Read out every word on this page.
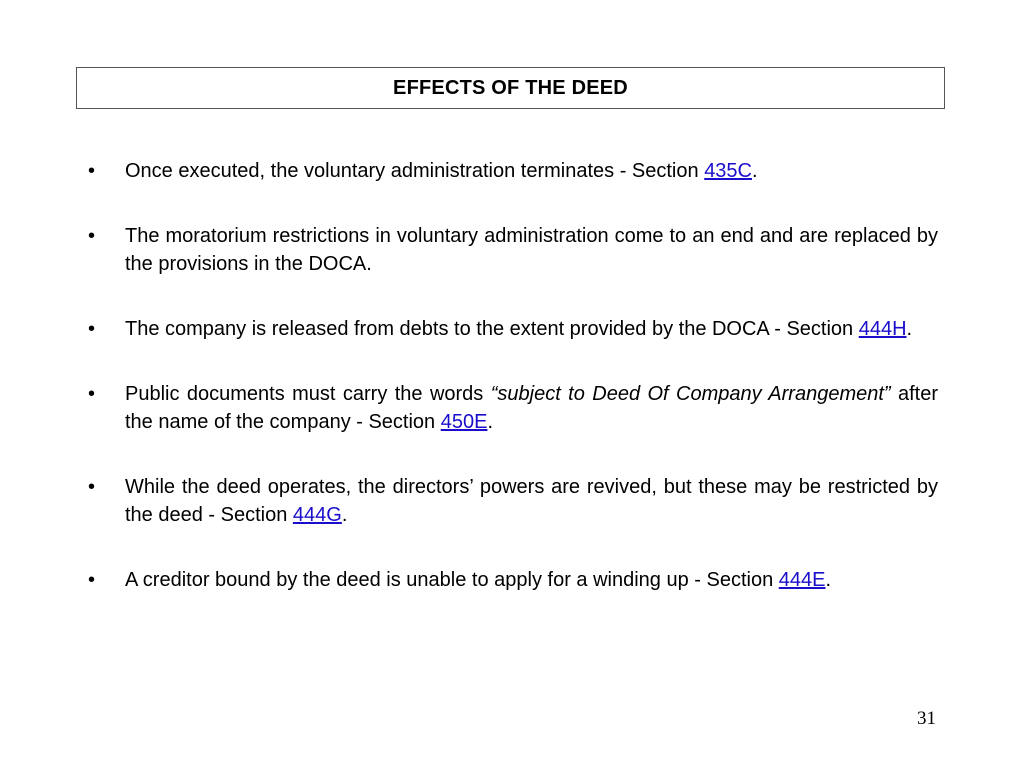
EFFECTS OF THE DEED
•	Once executed, the voluntary administration terminates - Section 435C.
•	The moratorium restrictions in voluntary administration come to an end and are replaced by the provisions in the DOCA.
•	The company is released from debts to the extent provided by the DOCA - Section 444H.
•	Public documents must carry the words “subject to Deed Of Company Arrangement” after the name of the company - Section 450E.
•	While the deed operates, the directors’ powers are revived, but these may be restricted by the deed - Section 444G.
•	A creditor bound by the deed is unable to apply for a winding up - Section 444E.
31
